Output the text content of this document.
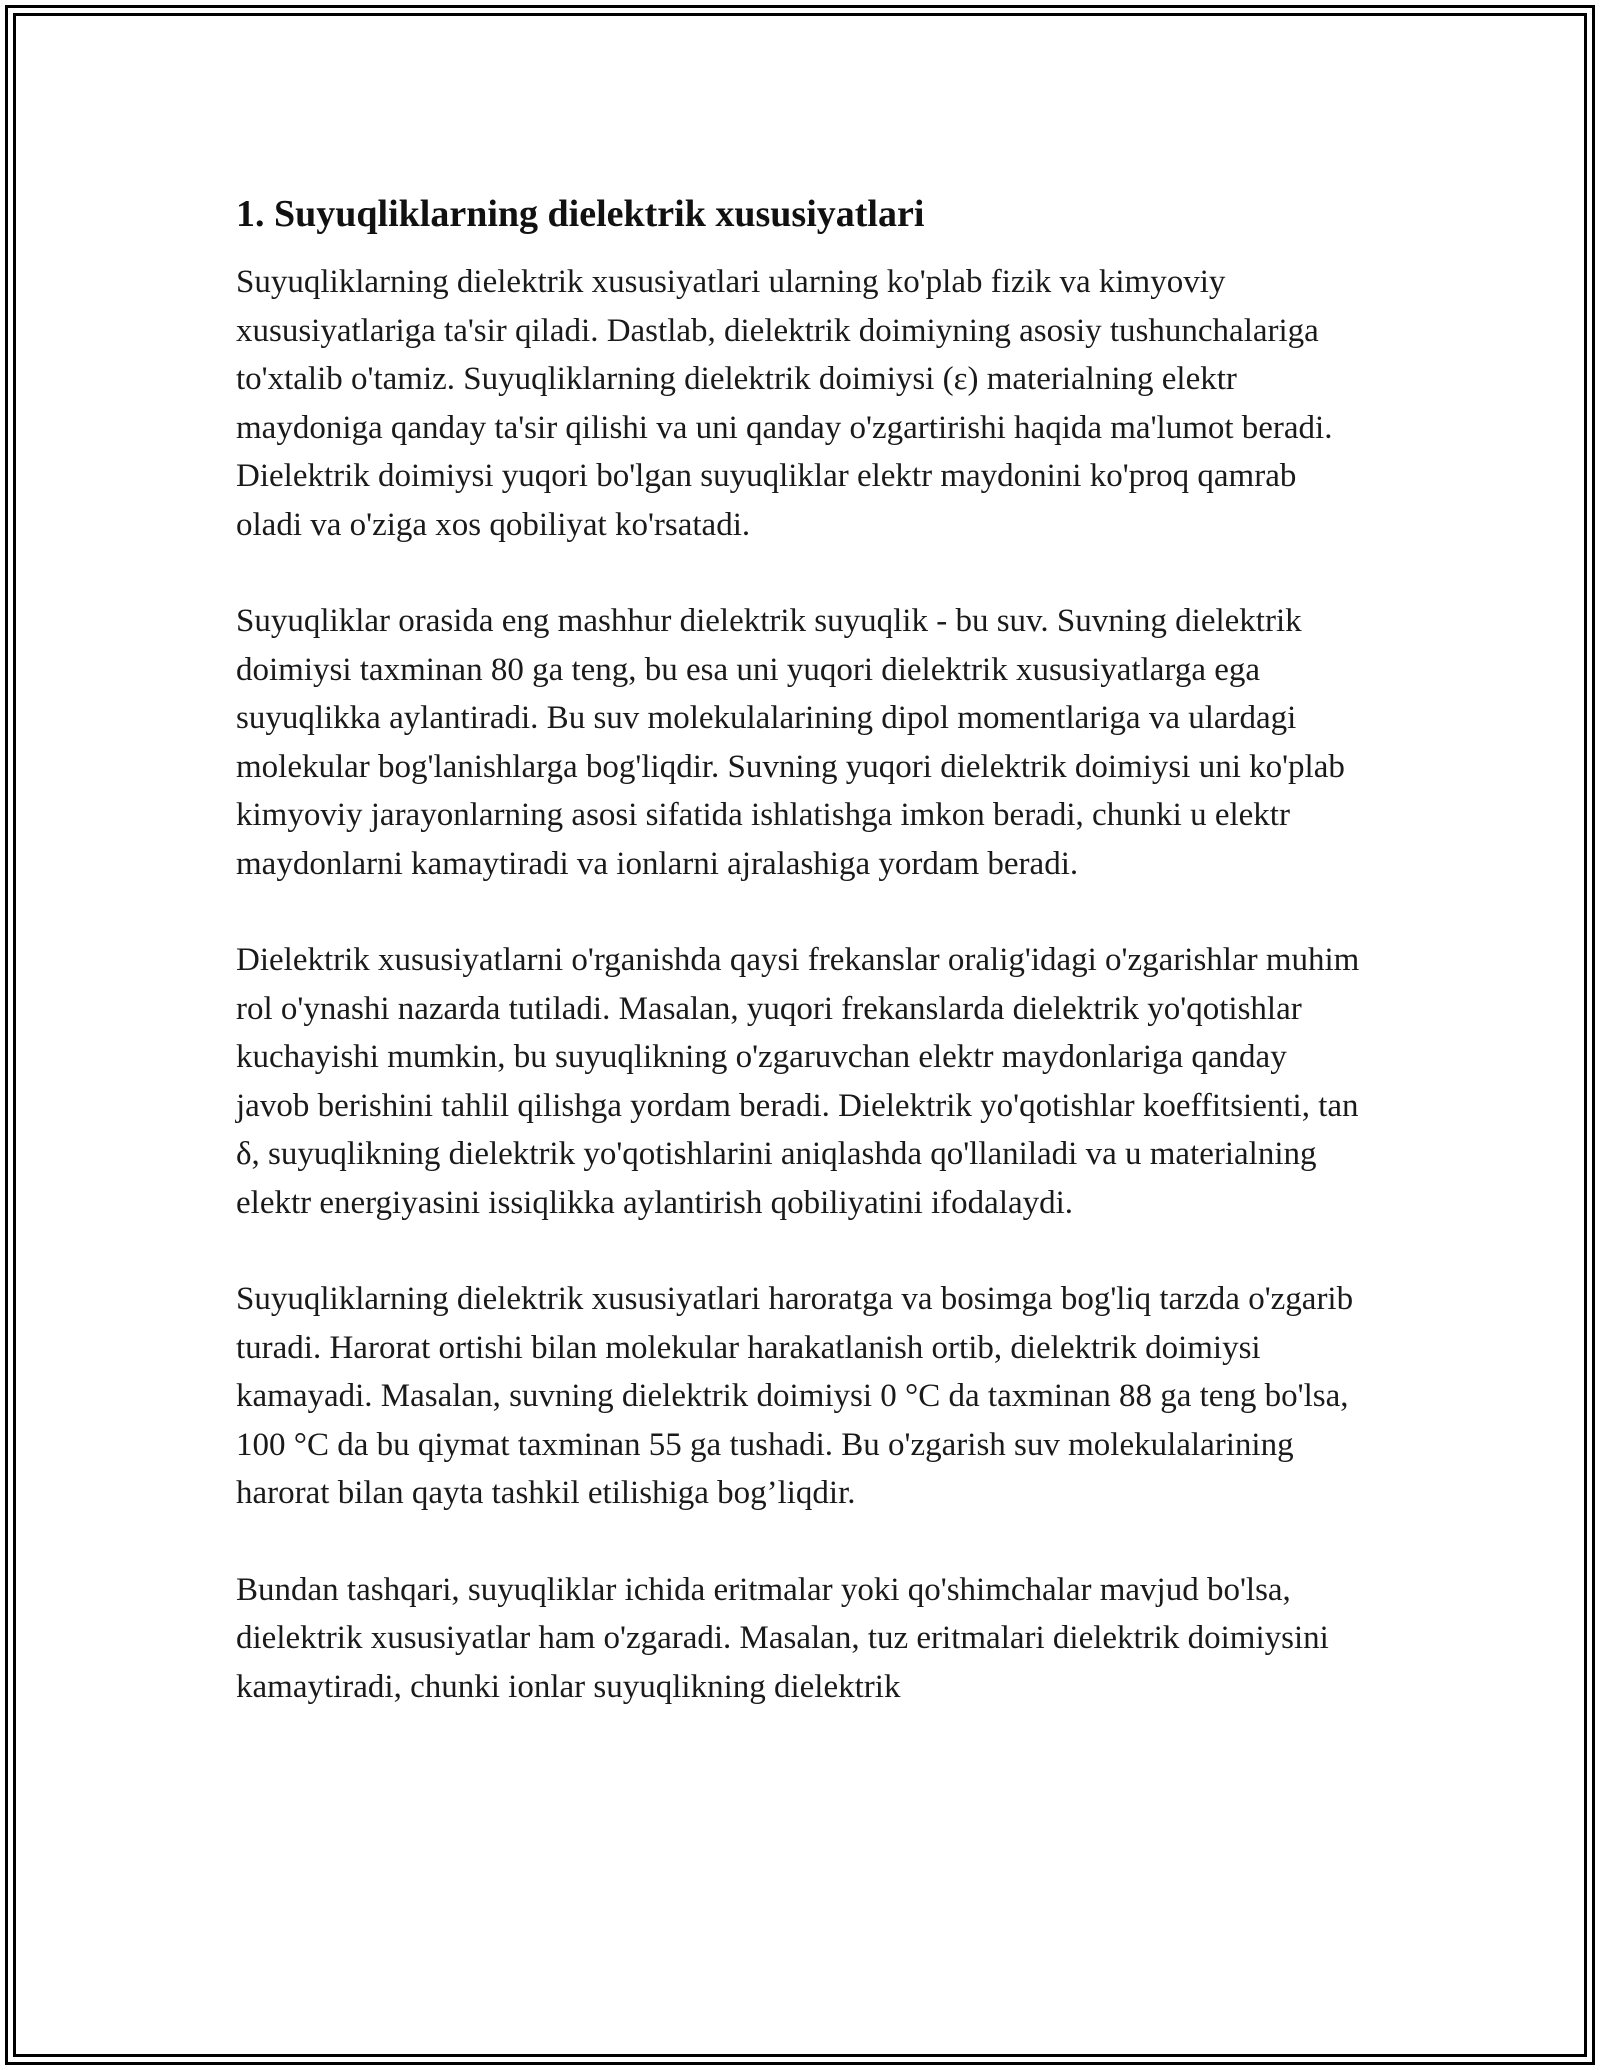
1. Suyuqliklarning dielektrik xususiyatlari

Suyuqliklarning dielektrik xususiyatlari ularning ko'plab fizik va kimyoviy xususiyatlariga ta'sir qiladi. Dastlab, dielektrik doimiyning asosiy tushunchalariga to'xtalib o'tamiz. Suyuqliklarning dielektrik doimiysi (ε) materialning elektr maydoniga qanday ta'sir qilishi va uni qanday o'zgartirishi haqida ma'lumot beradi. Dielektrik doimiysi yuqori bo'lgan suyuqliklar elektr maydonini ko'proq qamrab oladi va o'ziga xos qobiliyat ko'rsatadi.

Suyuqliklar orasida eng mashhur dielektrik suyuqlik - bu suv. Suvning dielektrik doimiysi taxminan 80 ga teng, bu esa uni yuqori dielektrik xususiyatlarga ega suyuqlikka aylantiradi. Bu suv molekulalarining dipol momentlariga va ulardagi molekular bog'lanishlarga bog'liqdir. Suvning yuqori dielektrik doimiysi uni ko'plab kimyoviy jarayonlarning asosi sifatida ishlatishga imkon beradi, chunki u elektr maydonlarni kamaytiradi va ionlarni ajralashiga yordam beradi.

Dielektrik xususiyatlarni o'rganishda qaysi frekanslar oralig'idagi o'zgarishlar muhim rol o'ynashi nazarda tutiladi. Masalan, yuqori frekanslarda dielektrik yo'qotishlar kuchayishi mumkin, bu suyuqlikning o'zgaruvchan elektr maydonlariga qanday javob berishini tahlil qilishga yordam beradi. Dielektrik yo'qotishlar koeffitsienti, tan δ, suyuqlikning dielektrik yo'qotishlarini aniqlashda qo'llaniladi va u materialning elektr energiyasini issiqlikka aylantirish qobiliyatini ifodalaydi.

Suyuqliklarning dielektrik xususiyatlari haroratga va bosimga bog'liq tarzda o'zgarib turadi. Harorat ortishi bilan molekular harakatlanish ortib, dielektrik doimiysi kamayadi. Masalan, suvning dielektrik doimiysi 0 °C da taxminan 88 ga teng bo'lsa, 100 °C da bu qiymat taxminan 55 ga tushadi. Bu o'zgarish suv molekulalarining harorat bilan qayta tashkil etilishiga bog’liqdir.

Bundan tashqari, suyuqliklar ichida eritmalar yoki qo'shimchalar mavjud bo'lsa, dielektrik xususiyatlar ham o'zgaradi. Masalan, tuz eritmalari dielektrik doimiysini kamaytiradi, chunki ionlar suyuqlikning dielektrik
